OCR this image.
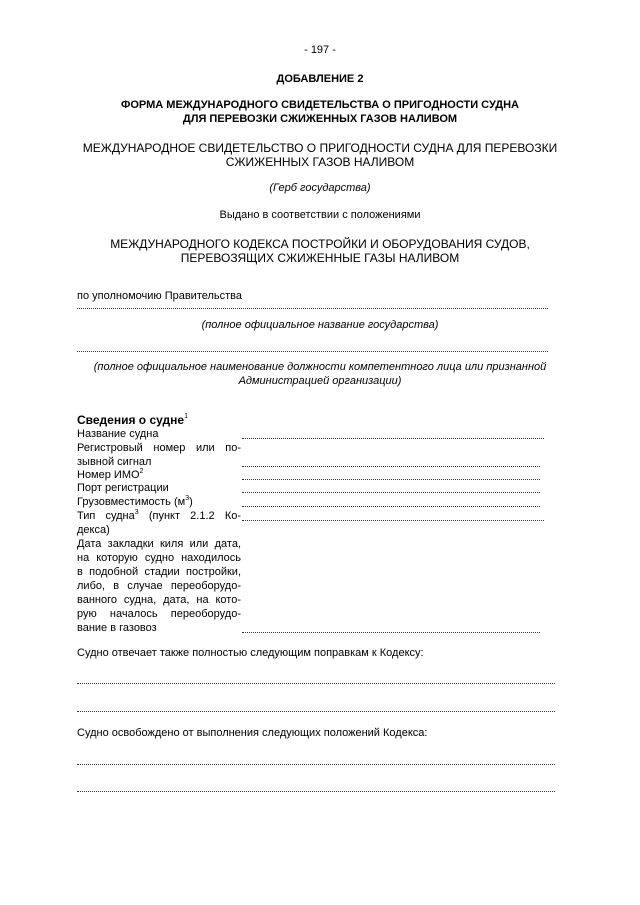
- 197 -
ДОБАВЛЕНИЕ 2
ФОРМА МЕЖДУНАРОДНОГО СВИДЕТЕЛЬСТВА О ПРИГОДНОСТИ СУДНА
ДЛЯ ПЕРЕВОЗКИ СЖИЖЕННЫХ ГАЗОВ НАЛИВОМ
МЕЖДУНАРОДНОЕ СВИДЕТЕЛЬСТВО О ПРИГОДНОСТИ СУДНА ДЛЯ ПЕРЕВОЗКИ
СЖИЖЕННЫХ ГАЗОВ НАЛИВОМ
(Герб государства)
Выдано в соответствии с положениями
МЕЖДУНАРОДНОГО КОДЕКСА ПОСТРОЙКИ И ОБОРУДОВАНИЯ СУДОВ,
ПЕРЕВОЗЯЩИХ СЖИЖЕННЫЕ ГАЗЫ НАЛИВОМ
по уполномочию Правительства
(полное официальное название государства)
(полное официальное наименование должности компетентного лица или признанной
Администрацией организации)
Сведения о судне$^1$
Название судна
Регистровый номер или по-
зывной сигнал
Номер ИМО$^2$
Порт регистрации
Грузовместимость $(м^3)$
Тип судна$^3$ (пункт 2.1.2 Ко-
декса)
Дата закладки киля или дата,
на которую судно находилось
в подобной стадии постройки,
либо, в случае переоборудо-
ванного судна, дата, на кото-
рую началось переоборудо-
вание в газовоз
Судно отвечает также полностью следующим поправкам к Кодексу:
Судно освобождено от выполнения следующих положений Кодекса:
